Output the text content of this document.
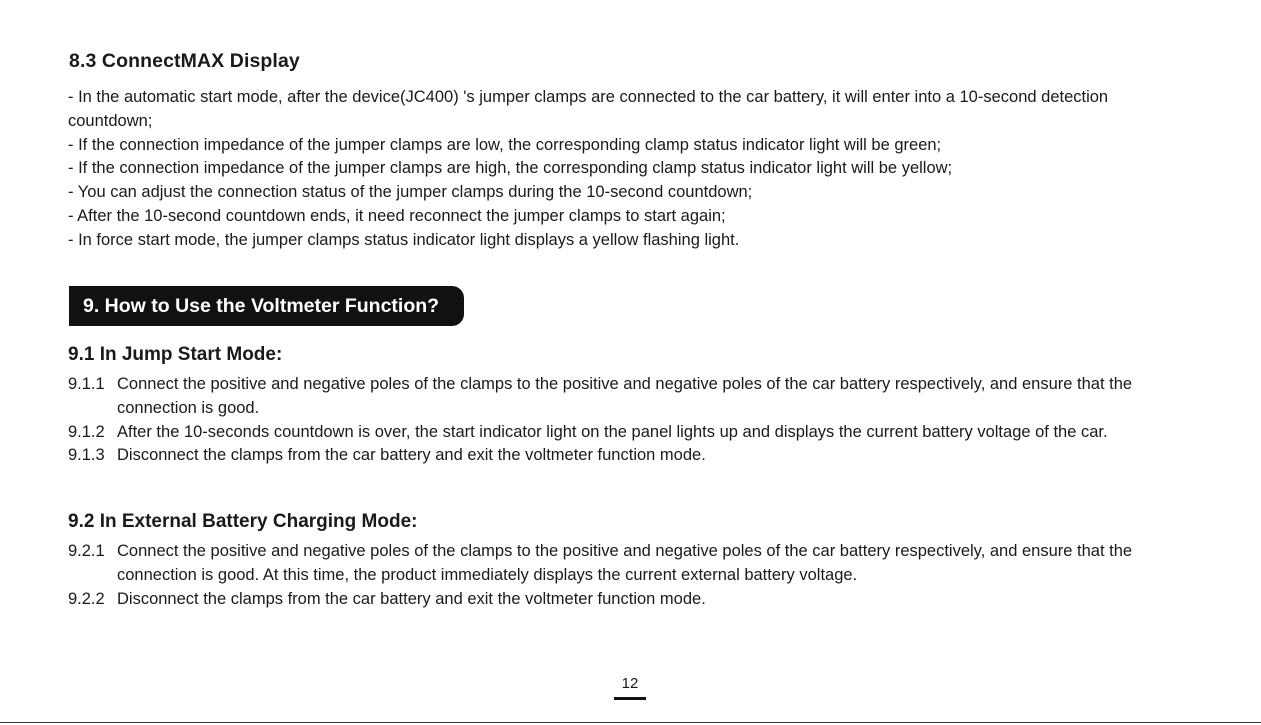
8.3 ConnectMAX Display
- In the automatic start mode, after the device(JC400) 's jumper clamps are connected to the car battery, it will enter into a 10-second detection countdown;
- If the connection impedance of the jumper clamps are low, the corresponding clamp status indicator light will be green;
- If the connection impedance of the jumper clamps are high, the corresponding clamp status indicator light will be yellow;
- You can adjust the connection status of the jumper clamps during the 10-second countdown;
- After the 10-second countdown ends, it need reconnect the jumper clamps to start again;
- In force start mode, the jumper clamps status indicator light displays a yellow flashing light.
9. How to Use the Voltmeter Function?
9.1 In Jump Start Mode:
9.1.1 Connect the positive and negative poles of the clamps to the positive and negative poles of the car battery respectively, and ensure that the connection is good.
9.1.2 After the 10-seconds countdown is over, the start indicator light on the panel lights up and displays the current battery voltage of the car.
9.1.3 Disconnect the clamps from the car battery and exit the voltmeter function mode.
9.2 In External Battery Charging Mode:
9.2.1 Connect the positive and negative poles of the clamps to the positive and negative poles of the car battery respectively, and ensure that the connection is good. At this time, the product immediately displays the current external battery voltage.
9.2.2 Disconnect the clamps from the car battery and exit the voltmeter function mode.
12
